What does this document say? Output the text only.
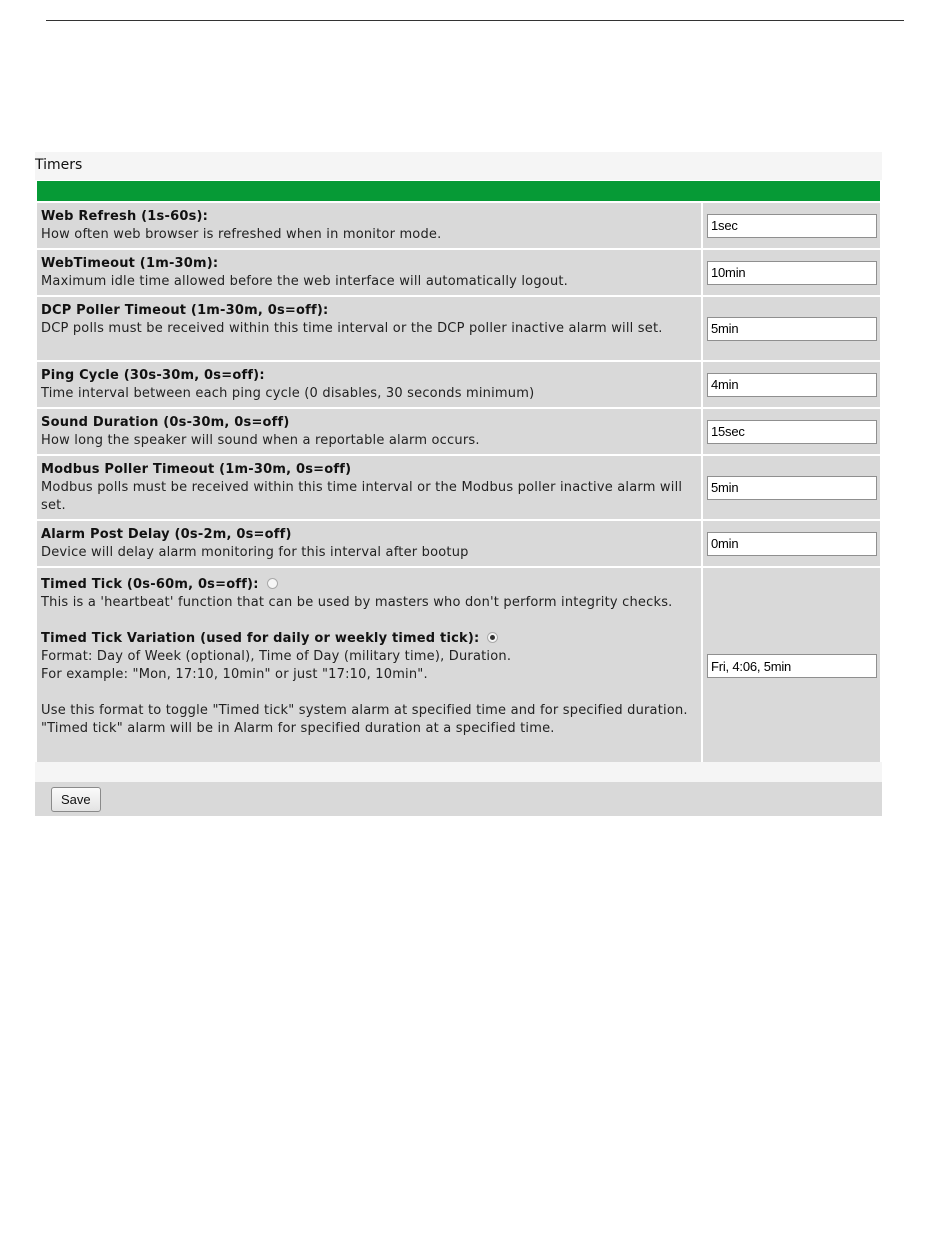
Timers
Web Refresh (1s-60s):
How often web browser is refreshed when in monitor mode.
1sec
WebTimeout (1m-30m):
Maximum idle time allowed before the web interface will automatically logout.
10min
DCP Poller Timeout (1m-30m, 0s=off):
DCP polls must be received within this time interval or the DCP poller inactive alarm will set.
5min
Ping Cycle (30s-30m, 0s=off):
Time interval between each ping cycle (0 disables, 30 seconds minimum)
4min
Sound Duration (0s-30m, 0s=off)
How long the speaker will sound when a reportable alarm occurs.
15sec
Modbus Poller Timeout (1m-30m, 0s=off)
Modbus polls must be received within this time interval or the Modbus poller inactive alarm will set.
5min
Alarm Post Delay (0s-2m, 0s=off)
Device will delay alarm monitoring for this interval after bootup
0min
Timed Tick (0s-60m, 0s=off):
This is a 'heartbeat' function that can be used by masters who don't perform integrity checks.
Timed Tick Variation (used for daily or weekly timed tick):
Format: Day of Week (optional), Time of Day (military time), Duration.
For example: "Mon, 17:10, 10min" or just "17:10, 10min".
Use this format to toggle "Timed tick" system alarm at specified time and for specified duration. "Timed tick" alarm will be in Alarm for specified duration at a specified time.
Fri, 4:06, 5min
Save
